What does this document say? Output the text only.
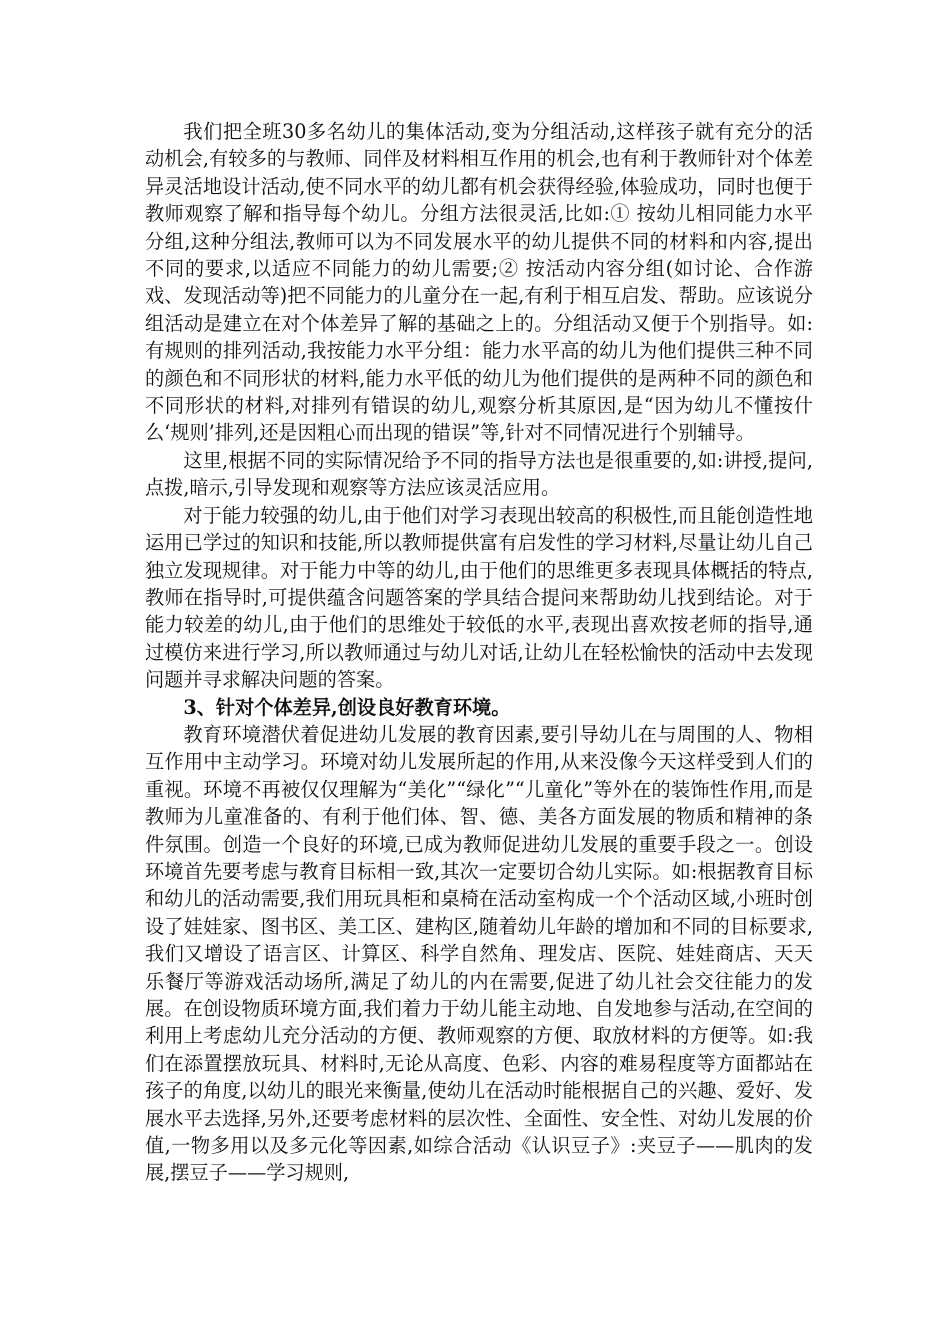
我们把全班30多名幼儿的集体活动,变为分组活动,这样孩子就有充分的活动机会,有较多的与教师、同伴及材料相互作用的机会,也有利于教师针对个体差异灵活地设计活动,使不同水平的幼儿都有机会获得经验,体验成功，同时也便于教师观察了解和指导每个幼儿。分组方法很灵活,比如:① 按幼儿相同能力水平分组,这种分组法,教师可以为不同发展水平的幼儿提供不同的材料和内容,提出不同的要求,以适应不同能力的幼儿需要;② 按活动内容分组(如讨论、合作游戏、发现活动等)把不同能力的儿童分在一起,有利于相互启发、帮助。应该说分组活动是建立在对个体差异了解的基础之上的。分组活动又便于个别指导。如:有规则的排列活动,我按能力水平分组：能力水平高的幼儿为他们提供三种不同的颜色和不同形状的材料,能力水平低的幼儿为他们提供的是两种不同的颜色和不同形状的材料,对排列有错误的幼儿,观察分析其原因,是“因为幼儿不懂按什么‘规则’排列,还是因粗心而出现的错误”等,针对不同情况进行个别辅导。

这里,根据不同的实际情况给予不同的指导方法也是很重要的,如:讲授,提问,点拨,暗示,引导发现和观察等方法应该灵活应用。

对于能力较强的幼儿,由于他们对学习表现出较高的积极性,而且能创造性地运用已学过的知识和技能,所以教师提供富有启发性的学习材料,尽量让幼儿自己独立发现规律。对于能力中等的幼儿,由于他们的思维更多表现具体概括的特点,教师在指导时,可提供蕴含问题答案的学具结合提问来帮助幼儿找到结论。对于能力较差的幼儿,由于他们的思维处于较低的水平,表现出喜欢按老师的指导,通过模仿来进行学习,所以教师通过与幼儿对话,让幼儿在轻松愉快的活动中去发现问题并寻求解决问题的答案。

3、针对个体差异,创设良好教育环境。

教育环境潜伏着促进幼儿发展的教育因素,要引导幼儿在与周围的人、物相互作用中主动学习。环境对幼儿发展所起的作用,从来没像今天这样受到人们的重视。环境不再被仅仅理解为“美化”“绿化”“儿童化”等外在的装饰性作用,而是教师为儿童准备的、有利于他们体、智、德、美各方面发展的物质和精神的条件氛围。创造一个良好的环境,已成为教师促进幼儿发展的重要手段之一。创设环境首先要考虑与教育目标相一致,其次一定要切合幼儿实际。如:根据教育目标和幼儿的活动需要,我们用玩具柜和桌椅在活动室构成一个个活动区域,小班时创设了娃娃家、图书区、美工区、建构区,随着幼儿年龄的增加和不同的目标要求,我们又增设了语言区、计算区、科学自然角、理发店、医院、娃娃商店、天天乐餐厅等游戏活动场所,满足了幼儿的内在需要,促进了幼儿社会交往能力的发展。在创设物质环境方面,我们着力于幼儿能主动地、自发地参与活动,在空间的利用上考虑幼儿充分活动的方便、教师观察的方便、取放材料的方便等。如:我们在添置摆放玩具、材料时,无论从高度、色彩、内容的难易程度等方面都站在孩子的角度,以幼儿的眼光来衡量,使幼儿在活动时能根据自己的兴趣、爱好、发展水平去选择,另外,还要考虑材料的层次性、全面性、安全性、对幼儿发展的价值,一物多用以及多元化等因素,如综合活动《认识豆子》:夹豆子——肌肉的发展,摆豆子——学习规则,
